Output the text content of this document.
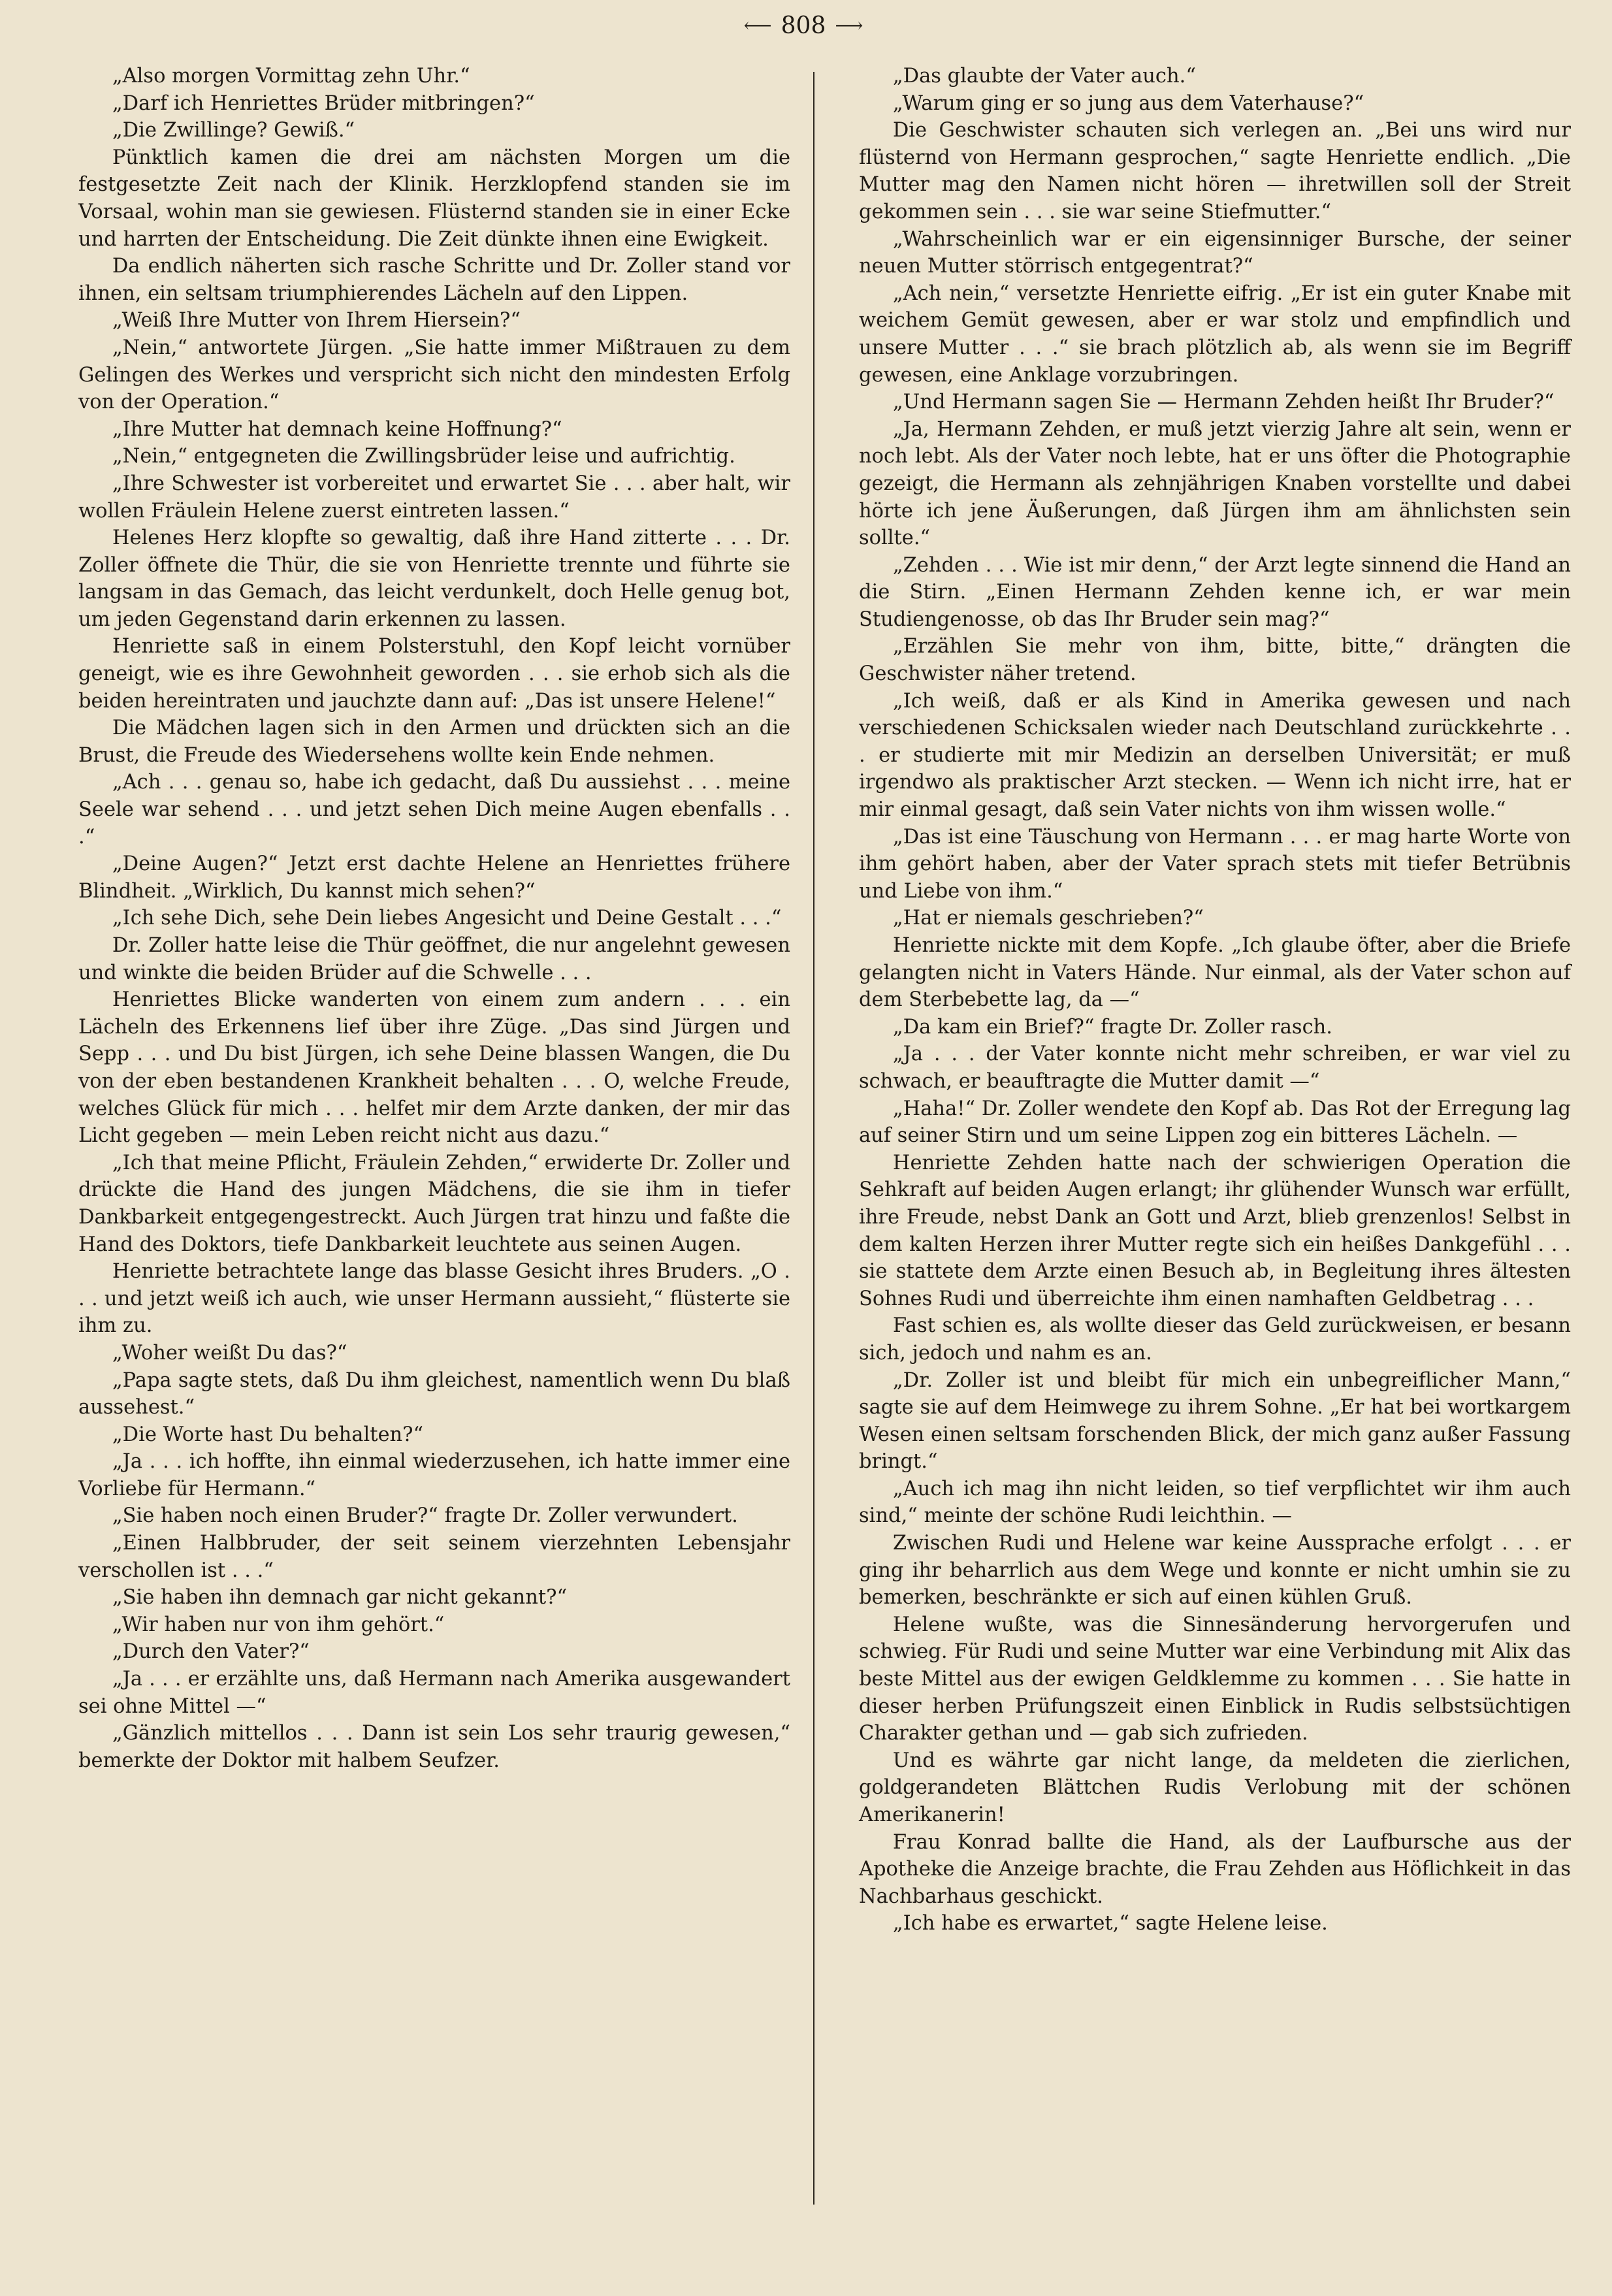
⟵ 808 ⟶

„Also morgen Vormittag zehn Uhr.“

„Darf ich Henriettes Brüder mitbringen?“

„Die Zwillinge? Gewiß.“

Pünktlich kamen die drei am nächsten Morgen um die festgesetzte Zeit nach der Klinik. Herzklopfend standen sie im Vorsaal, wohin man sie gewiesen. Flüsternd standen sie in einer Ecke und harrten der Entscheidung. Die Zeit dünkte ihnen eine Ewigkeit.

Da endlich näherten sich rasche Schritte und Dr. Zoller stand vor ihnen, ein seltsam triumphierendes Lächeln auf den Lippen.

„Weiß Ihre Mutter von Ihrem Hiersein?“

„Nein,“ antwortete Jürgen. „Sie hatte immer Mißtrauen zu dem Gelingen des Werkes und verspricht sich nicht den mindesten Erfolg von der Operation.“

„Ihre Mutter hat demnach keine Hoffnung?“

„Nein,“ entgegneten die Zwillingsbrüder leise und aufrichtig.

„Ihre Schwester ist vorbereitet und erwartet Sie . . . aber halt, wir wollen Fräulein Helene zuerst eintreten lassen.“

Helenes Herz klopfte so gewaltig, daß ihre Hand zitterte . . . Dr. Zoller öffnete die Thür, die sie von Henriette trennte und führte sie langsam in das Gemach, das leicht verdunkelt, doch Helle genug bot, um jeden Gegenstand darin erkennen zu lassen.

Henriette saß in einem Polsterstuhl, den Kopf leicht vornüber geneigt, wie es ihre Gewohnheit geworden . . . sie erhob sich als die beiden hereintraten und jauchzte dann auf: „Das ist unsere Helene!“

Die Mädchen lagen sich in den Armen und drückten sich an die Brust, die Freude des Wiedersehens wollte kein Ende nehmen.

„Ach . . . genau so, habe ich gedacht, daß Du aussiehst . . . meine Seele war sehend . . . und jetzt sehen Dich meine Augen ebenfalls . . .“

„Deine Augen?“ Jetzt erst dachte Helene an Henriettes frühere Blindheit. „Wirklich, Du kannst mich sehen?“

„Ich sehe Dich, sehe Dein liebes Angesicht und Deine Gestalt . . .“

Dr. Zoller hatte leise die Thür geöffnet, die nur angelehnt gewesen und winkte die beiden Brüder auf die Schwelle . . .

Henriettes Blicke wanderten von einem zum andern . . . ein Lächeln des Erkennens lief über ihre Züge. „Das sind Jürgen und Sepp . . . und Du bist Jürgen, ich sehe Deine blassen Wangen, die Du von der eben bestandenen Krankheit behalten . . . O, welche Freude, welches Glück für mich . . . helfet mir dem Arzte danken, der mir das Licht gegeben — mein Leben reicht nicht aus dazu.“

„Ich that meine Pflicht, Fräulein Zehden,“ erwiderte Dr. Zoller und drückte die Hand des jungen Mädchens, die sie ihm in tiefer Dankbarkeit entgegengestreckt. Auch Jürgen trat hinzu und faßte die Hand des Doktors, tiefe Dankbarkeit leuchtete aus seinen Augen.

Henriette betrachtete lange das blasse Gesicht ihres Bruders. „O . . . und jetzt weiß ich auch, wie unser Hermann aussieht,“ flüsterte sie ihm zu.

„Woher weißt Du das?“

„Papa sagte stets, daß Du ihm gleichest, namentlich wenn Du blaß aussehest.“

„Die Worte hast Du behalten?“

„Ja . . . ich hoffte, ihn einmal wiederzusehen, ich hatte immer eine Vorliebe für Hermann.“

„Sie haben noch einen Bruder?“ fragte Dr. Zoller verwundert.

„Einen Halbbruder, der seit seinem vierzehnten Lebensjahr verschollen ist . . .“

„Sie haben ihn demnach gar nicht gekannt?“

„Wir haben nur von ihm gehört.“

„Durch den Vater?“

„Ja . . . er erzählte uns, daß Hermann nach Amerika ausgewandert sei ohne Mittel —“

„Gänzlich mittellos . . . Dann ist sein Los sehr traurig gewesen,“ bemerkte der Doktor mit halbem Seufzer.

„Das glaubte der Vater auch.“

„Warum ging er so jung aus dem Vaterhause?“

Die Geschwister schauten sich verlegen an. „Bei uns wird nur flüsternd von Hermann gesprochen,“ sagte Henriette endlich. „Die Mutter mag den Namen nicht hören — ihretwillen soll der Streit gekommen sein . . . sie war seine Stiefmutter.“

„Wahrscheinlich war er ein eigensinniger Bursche, der seiner neuen Mutter störrisch entgegentrat?“

„Ach nein,“ versetzte Henriette eifrig. „Er ist ein guter Knabe mit weichem Gemüt gewesen, aber er war stolz und empfindlich und unsere Mutter . . .“ sie brach plötzlich ab, als wenn sie im Begriff gewesen, eine Anklage vorzubringen.

„Und Hermann sagen Sie — Hermann Zehden heißt Ihr Bruder?“

„Ja, Hermann Zehden, er muß jetzt vierzig Jahre alt sein, wenn er noch lebt. Als der Vater noch lebte, hat er uns öfter die Photographie gezeigt, die Hermann als zehnjährigen Knaben vorstellte und dabei hörte ich jene Äußerungen, daß Jürgen ihm am ähnlichsten sein sollte.“

„Zehden . . . Wie ist mir denn,“ der Arzt legte sinnend die Hand an die Stirn. „Einen Hermann Zehden kenne ich, er war mein Studiengenosse, ob das Ihr Bruder sein mag?“

„Erzählen Sie mehr von ihm, bitte, bitte,“ drängten die Geschwister näher tretend.

„Ich weiß, daß er als Kind in Amerika gewesen und nach verschiedenen Schicksalen wieder nach Deutschland zurückkehrte . . . er studierte mit mir Medizin an derselben Universität; er muß irgendwo als praktischer Arzt stecken. — Wenn ich nicht irre, hat er mir einmal gesagt, daß sein Vater nichts von ihm wissen wolle.“

„Das ist eine Täuschung von Hermann . . . er mag harte Worte von ihm gehört haben, aber der Vater sprach stets mit tiefer Betrübnis und Liebe von ihm.“

„Hat er niemals geschrieben?“

Henriette nickte mit dem Kopfe. „Ich glaube öfter, aber die Briefe gelangten nicht in Vaters Hände. Nur einmal, als der Vater schon auf dem Sterbebette lag, da —“

„Da kam ein Brief?“ fragte Dr. Zoller rasch.

„Ja . . . der Vater konnte nicht mehr schreiben, er war viel zu schwach, er beauftragte die Mutter damit —“

„Haha!“ Dr. Zoller wendete den Kopf ab. Das Rot der Erregung lag auf seiner Stirn und um seine Lippen zog ein bitteres Lächeln. —

Henriette Zehden hatte nach der schwierigen Operation die Sehkraft auf beiden Augen erlangt; ihr glühender Wunsch war erfüllt, ihre Freude, nebst Dank an Gott und Arzt, blieb grenzenlos! Selbst in dem kalten Herzen ihrer Mutter regte sich ein heißes Dankgefühl . . . sie stattete dem Arzte einen Besuch ab, in Begleitung ihres ältesten Sohnes Rudi und überreichte ihm einen namhaften Geldbetrag . . .

Fast schien es, als wollte dieser das Geld zurückweisen, er besann sich, jedoch und nahm es an.

„Dr. Zoller ist und bleibt für mich ein unbegreiflicher Mann,“ sagte sie auf dem Heimwege zu ihrem Sohne. „Er hat bei wortkargem Wesen einen seltsam forschenden Blick, der mich ganz außer Fassung bringt.“

„Auch ich mag ihn nicht leiden, so tief verpflichtet wir ihm auch sind,“ meinte der schöne Rudi leichthin. —

Zwischen Rudi und Helene war keine Aussprache erfolgt . . . er ging ihr beharrlich aus dem Wege und konnte er nicht umhin sie zu bemerken, beschränkte er sich auf einen kühlen Gruß.

Helene wußte, was die Sinnesänderung hervorgerufen und schwieg. Für Rudi und seine Mutter war eine Verbindung mit Alix das beste Mittel aus der ewigen Geldklemme zu kommen . . . Sie hatte in dieser herben Prüfungszeit einen Einblick in Rudis selbstsüchtigen Charakter gethan und — gab sich zufrieden.

Und es währte gar nicht lange, da meldeten die zierlichen, goldgerandeten Blättchen Rudis Verlobung mit der schönen Amerikanerin!

Frau Konrad ballte die Hand, als der Laufbursche aus der Apotheke die Anzeige brachte, die Frau Zehden aus Höflichkeit in das Nachbarhaus geschickt.

„Ich habe es erwartet,“ sagte Helene leise.
